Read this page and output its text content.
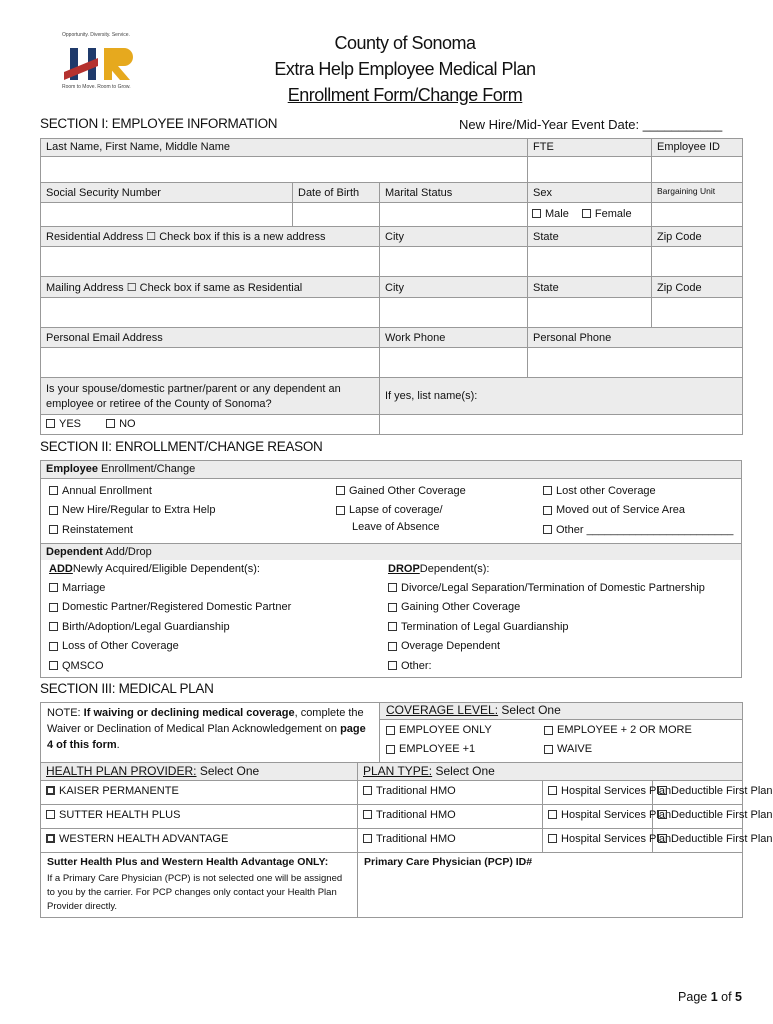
Opportunity. Diversity. Service.
Room to Move. Room to Grow.
County of Sonoma
Extra Help Employee Medical Plan
Enrollment Form/Change Form
SECTION I: EMPLOYEE INFORMATION	New Hire/Mid-Year Event Date: ___________
Last Name, First Name, Middle Name			FTE	Employee ID

Social Security Number	Date of Birth	Marital Status	Sex	Bargaining Unit
			Male Female	
Residential Address ☐ Check box if this is a new address		City	State	Zip Code

Mailing Address ☐ Check box if same as Residential		City	State	Zip Code

Personal Email Address		Work Phone	Personal Phone	

Is your spouse/domestic partner/parent or any dependent an
employee or retiree of the County of Sonoma?		If yes, list name(s):		
YES NO				
SECTION II: ENROLLMENT/CHANGE REASON
Employee Enrollment/Change
Annual Enrollment
New Hire/Regular to Extra Help
Reinstatement
Gained Other Coverage
Lapse of coverage/
Leave of Absence
Lost other Coverage
Moved out of Service Area
Other ________________________
Dependent Add/Drop
ADD Newly Acquired/Eligible Dependent(s):
Marriage
Domestic Partner/Registered Domestic Partner
Birth/Adoption/Legal Guardianship
Loss of Other Coverage
QMSCO
DROP Dependent(s):
Divorce/Legal Separation/Termination of Domestic Partnership
Gaining Other Coverage
Termination of Legal Guardianship
Overage Dependent
Other:
SECTION III: MEDICAL PLAN
NOTE: If waiving or declining medical coverage, complete the Waiver or Declination of Medical Plan Acknowledgement on page 4 of this form.		COVERAGE LEVEL: Select One
EMPLOYEE ONLY EMPLOYEE + 2 OR MORE
EMPLOYEE +1 WAIVE		

HEALTH PLAN PROVIDER: Select One	PLAN TYPE: Select One			
KAISER PERMANENTE	Traditional HMO		Hospital Services Plan	Deductible First Plan
SUTTER HEALTH PLUS	Traditional HMO		Hospital Services Plan	Deductible First Plan
WESTERN HEALTH ADVANTAGE	Traditional HMO		Hospital Services Plan	Deductible First Plan

Sutter Health Plus and Western Health Advantage ONLY:
If a Primary Care Physician (PCP) is not selected one will be assigned to you by the carrier. For PCP changes only contact your Health Plan Provider directly.	Primary Care Physician (PCP) ID#			
Page 1 of 5
